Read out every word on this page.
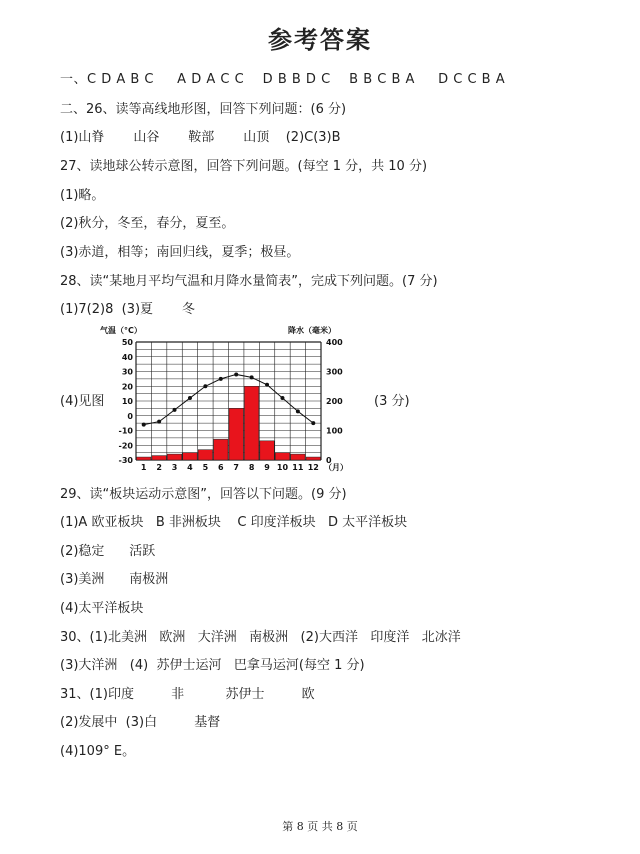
参考答案
一、C D A B C     A D A C C    D B B D C    B B C B A     D C C B A
二、26、读等高线地形图，回答下列问题：(6 分)
(1)山脊       山谷       鞍部       山顶    (2)C(3)B
27、读地球公转示意图，回答下列问题。(每空 1 分，共 10 分)
(1)略。
(2)秋分，冬至，春分，夏至。
(3)赤道，相等；南回归线，夏季；极昼。
28、读“某地月平均气温和月降水量简表”，完成下列问题。(7 分)
(1)7(2)8  (3)夏       冬
(4)见图	(3 分)
气温（°C）	降水（毫米）
50
40
30
20
10
0
-10
-20
-30
400
300
200
100
0
1 2 3 4 5 6 7 8 9 10 11 12 （月）
29、读“板块运动示意图”，回答以下问题。(9 分)
(1)A 欧亚板块   B 非洲板块    C 印度洋板块   D 太平洋板块
(2)稳定      活跃
(3)美洲      南极洲
(4)太平洋板块
30、(1)北美洲   欧洲   大洋洲   南极洲   (2)大西洋   印度洋   北冰洋
(3)大洋洲   (4)  苏伊士运河   巴拿马运河(每空 1 分)
31、(1)印度         非          苏伊士         欧
(2)发展中  (3)白         基督
(4)109° E。
第 8 页 共 8 页
